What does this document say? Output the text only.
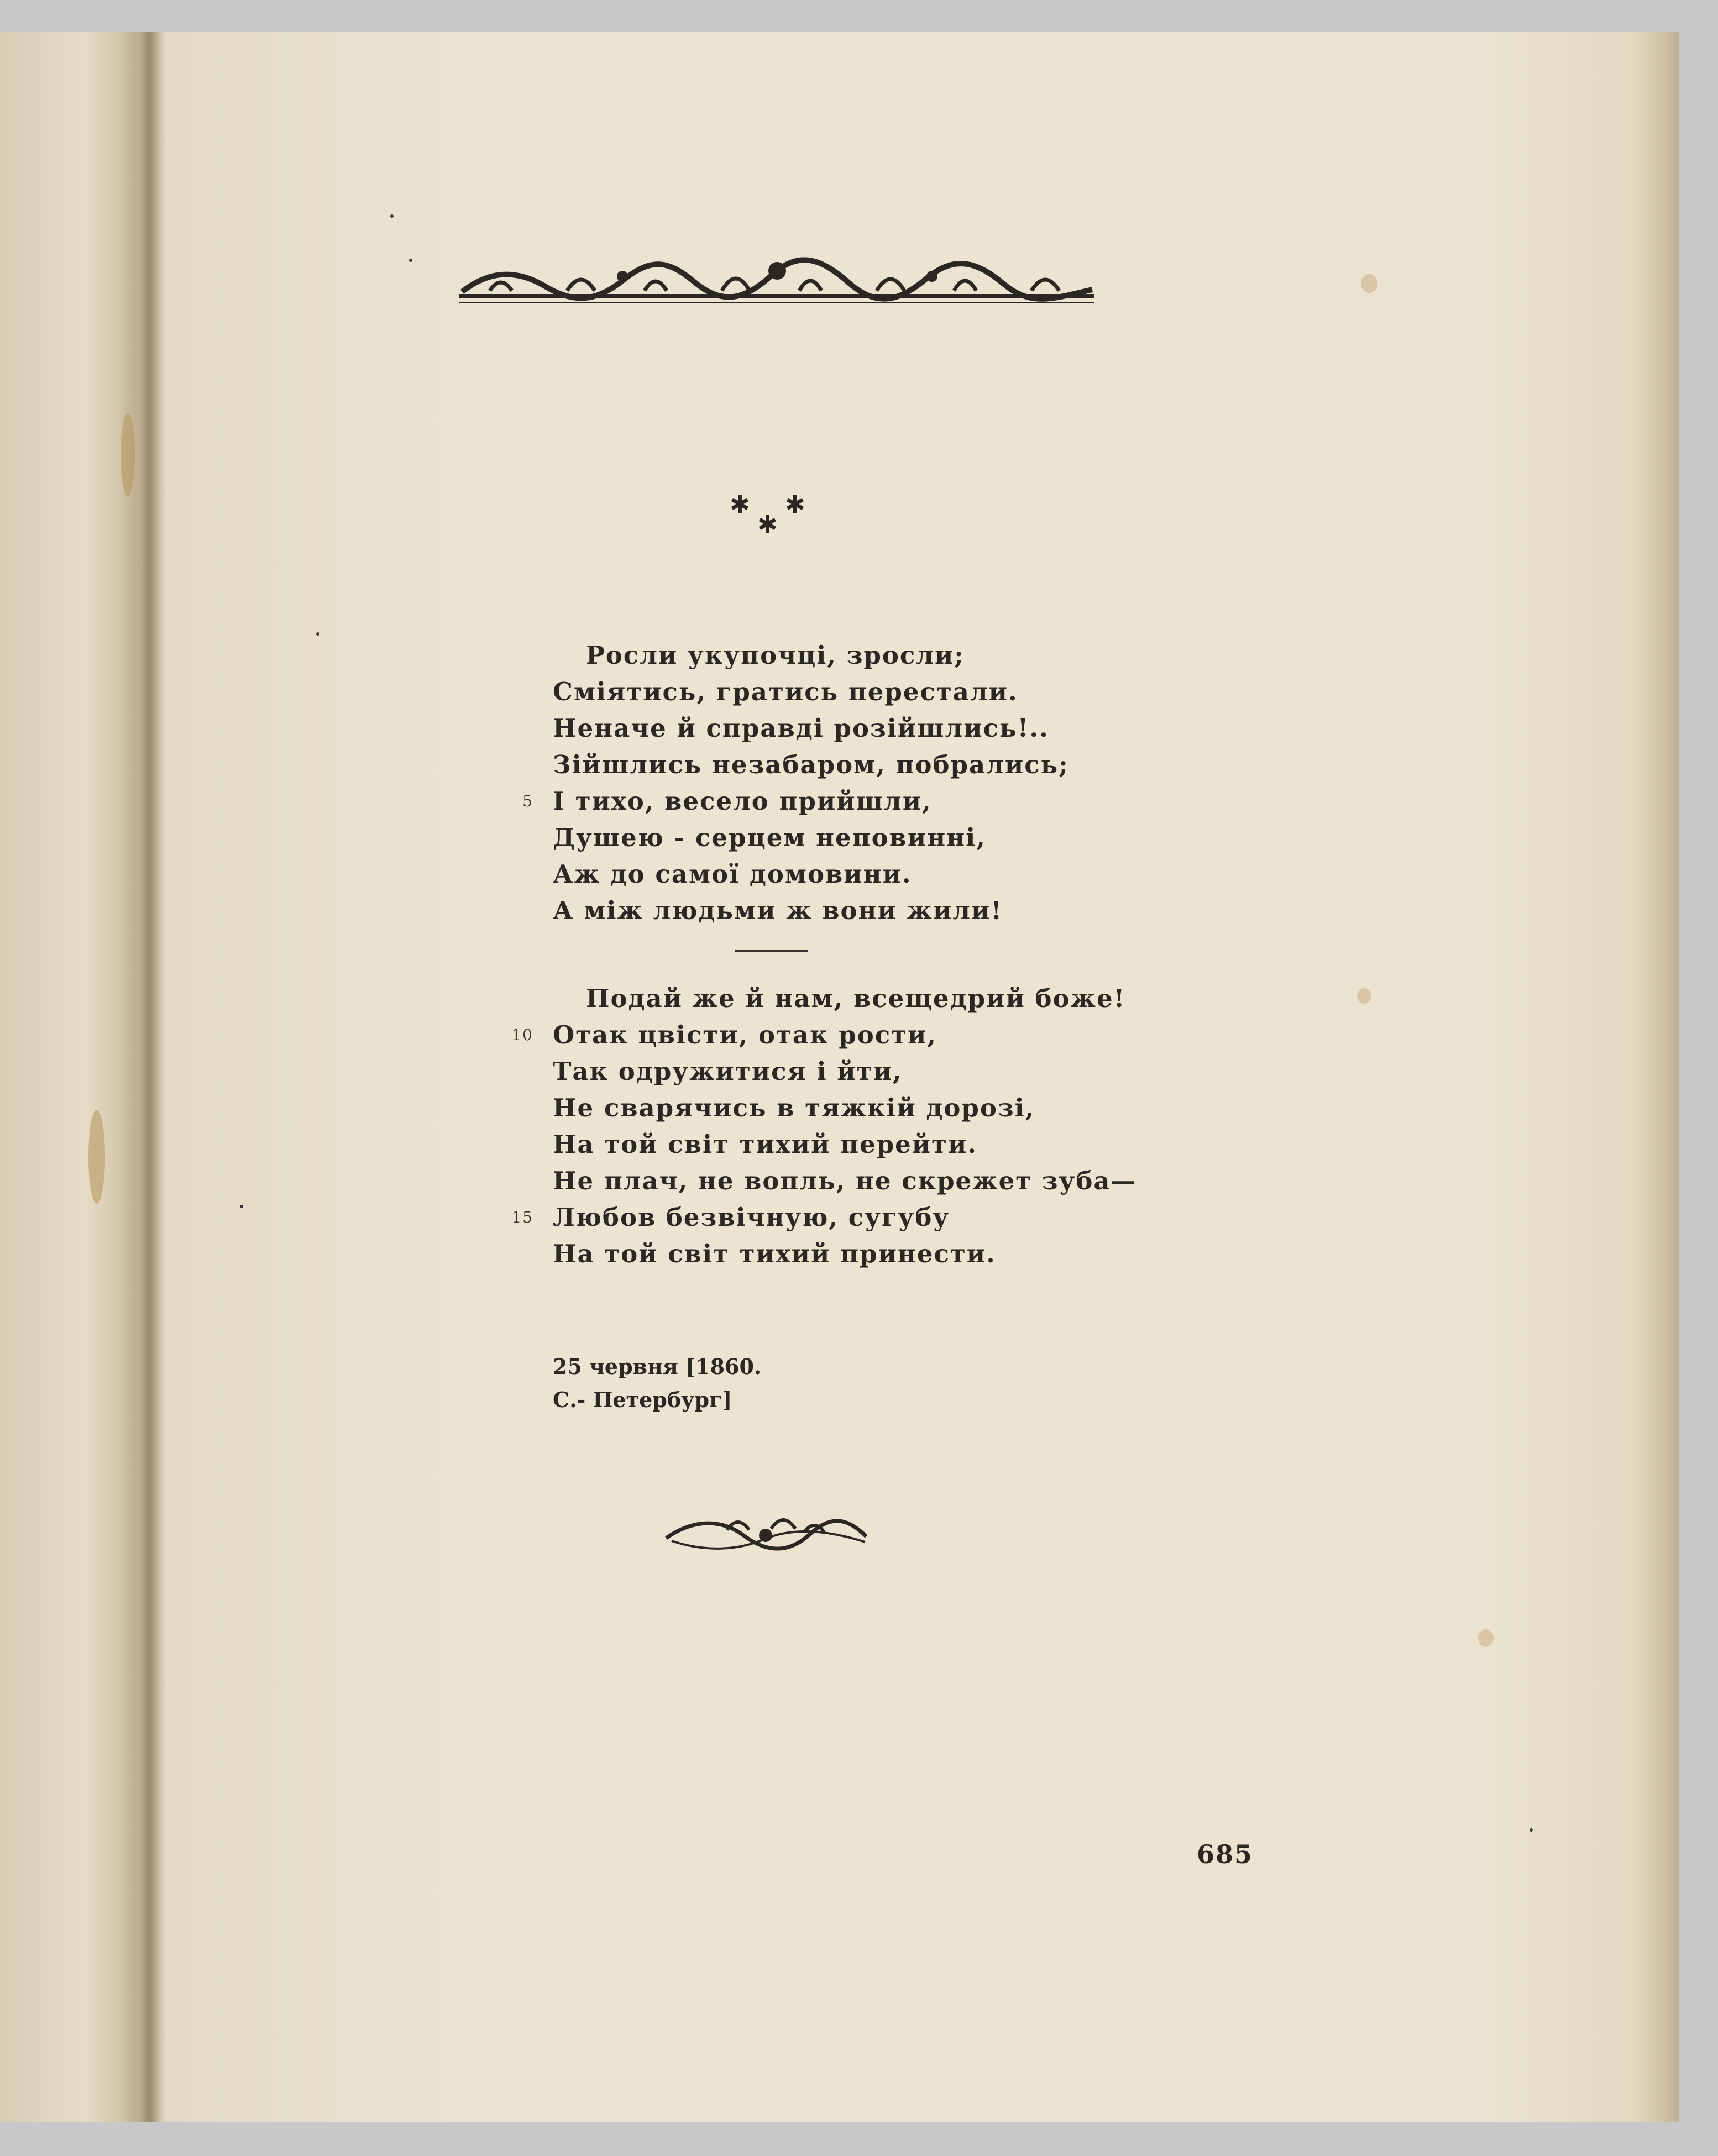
✱ ✱
✱
Росли укупочці, зросли;
Сміятись, гратись перестали.
Неначе й справді розійшлись!..
Зійшлись незабаром, побрались;
5 І тихо, весело прийшли,
Душею - серцем неповинні,
Аж до самої домовини.
А між людьми ж вони жили!
Подай же й нам, всещедрий боже!
10 Отак цвісти, отак рости,
Так одружитися і йти,
Не сварячись в тяжкій дорозі,
На той світ тихий перейти.
Не плач, не вопль, не скрежет зуба—
15 Любов безвічную, сугубу
На той світ тихий принести.
25 червня [1860.
С.- Петербург]
685
